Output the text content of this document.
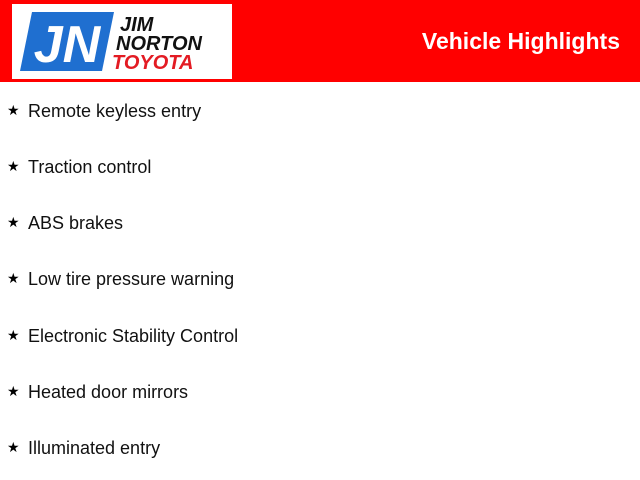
JN JIM
NORTON
TOYOTA
Vehicle Highlights
★ Remote keyless entry
★ Traction control
★ ABS brakes
★ Low tire pressure warning
★ Electronic Stability Control
★ Heated door mirrors
★ Illuminated entry
